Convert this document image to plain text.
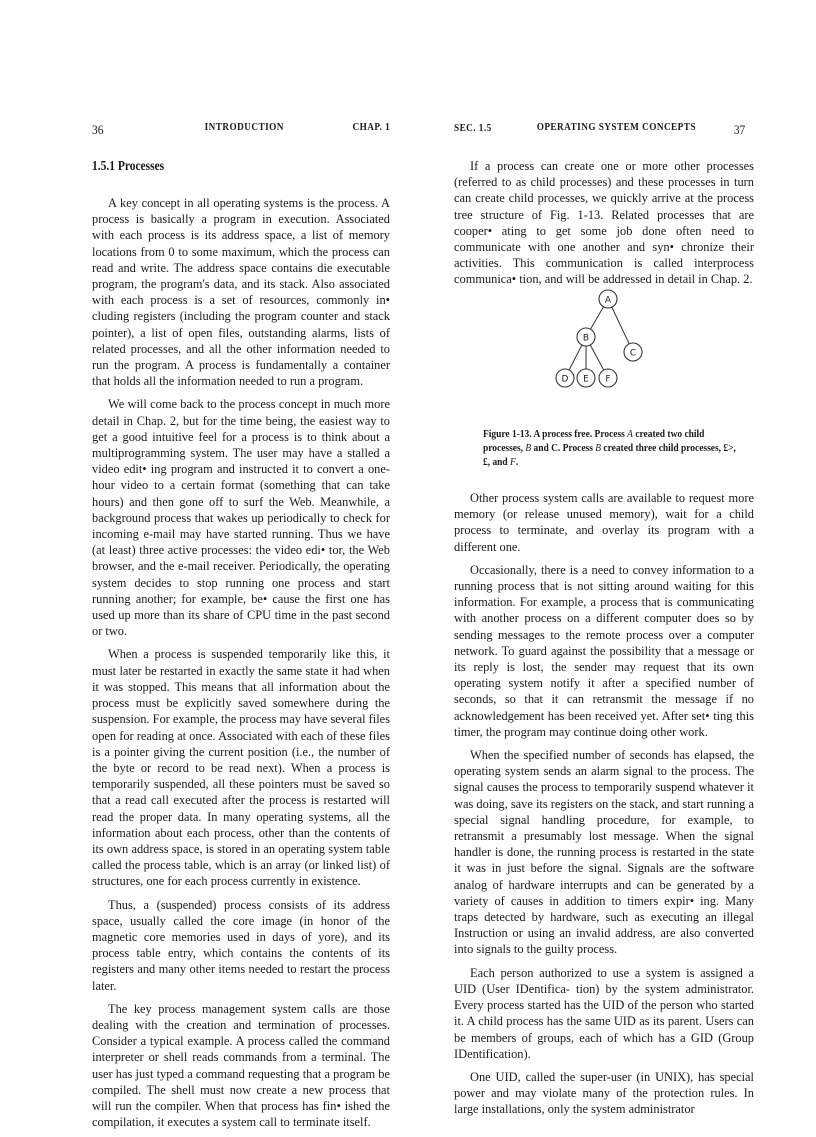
36	INTRODUCTION	CHAP. 1
1.5.1 Processes

A key concept in all operating systems is the process. A process is basically a program in execution. Associated with each process is its address space, a list of memory locations from 0 to some maximum, which the process can read and write. The address space contains die executable program, the program's data, and its stack. Also associated with each process is a set of resources, commonly in• cluding registers (including the program counter and stack pointer), a list of open files, outstanding alarms, lists of related processes, and all the other information needed to run the program. A process is fundamentally a container that holds all the information needed to run a program.

We will come back to the process concept in much more detail in Chap. 2, but for the time being, the easiest way to get a good intuitive feel for a process is to think about a multiprogramming system. The user may have a stalled a video edit• ing program and instructed it to convert a one-hour video to a certain format (something that can take hours) and then gone off to surf the Web. Meanwhile, a background process that wakes up periodically to check for incoming e-mail may have started running. Thus we have (at least) three active processes: the video edi• tor, the Web browser, and the e-mail receiver. Periodically, the operating system decides to stop running one process and start running another; for example, be• cause the first one has used up more than its share of CPU time in the past second or two.

When a process is suspended temporarily like this, it must later be restarted in exactly the same state it had when it was stopped. This means that all information about the process must be explicitly saved somewhere during the suspension. For example, the process may have several files open for reading at once. Associated with each of these files is a pointer giving the current position (i.e., the number of the byte or record to be read next). When a process is temporarily suspended, all these pointers must be saved so that a read call executed after the process is restarted will read the proper data. In many operating systems, all the information about each process, other than the contents of its own address space, is stored in an operating system table called the process table, which is an array (or linked list) of structures, one for each process currently in existence.

Thus, a (suspended) process consists of its address space, usually called the core image (in honor of the magnetic core memories used in days of yore), and its process table entry, which contains the contents of its registers and many other items needed to restart the process later.

The key process management system calls are those dealing with the creation and termination of processes. Consider a typical example. A process called the command interpreter or shell reads commands from a terminal. The user has just typed a command requesting that a program be compiled. The shell must now create a new process that will run the compiler. When that process has fin• ished the compilation, it executes a system call to terminate itself.

SEC. 1.5	OPERATING SYSTEM CONCEPTS	37

If a process can create one or more other processes (referred to as child processes) and these processes in turn can create child processes, we quickly arrive at the process tree structure of Fig. 1-13. Related processes that are cooper• ating to get some job done often need to communicate with one another and syn• chronize their activities. This communication is called interprocess communica• tion, and will be addressed in detail in Chap. 2.

A
B
C
D E F
Figure 1-13. A process free. Process A created two child processes, B and C. Process B created three child processes, £>, £, and F.

Other process system calls are available to request more memory (or release unused memory), wait for a child process to terminate, and overlay its program with a different one.

Occasionally, there is a need to convey information to a running process that is not sitting around waiting for this information. For example, a process that is communicating with another process on a different computer does so by sending messages to the remote process over a computer network. To guard against the possibility that a message or its reply is lost, the sender may request that its own operating system notify it after a specified number of seconds, so that it can retransmit the message if no acknowledgement has been received yet. After set• ting this timer, the program may continue doing other work.

When the specified number of seconds has elapsed, the operating system sends an alarm signal to the process. The signal causes the process to temporarily suspend whatever it was doing, save its registers on the stack, and start running a special signal handling procedure, for example, to retransmit a presumably lost message. When the signal handler is done, the running process is restarted in the state it was in just before the signal. Signals are the software analog of hardware interrupts and can be generated by a variety of causes in addition to timers expir• ing. Many traps detected by hardware, such as executing an illegal Instruction or using an invalid address, are also converted into signals to the guilty process.

Each person authorized to use a system is assigned a UID (User IDentifica- tion) by the system administrator. Every process started has the UID of the person who started it. A child process has the same UID as its parent. Users can be members of groups, each of which has a GID (Group IDentification).

One UID, called the super-user (in UNIX), has special power and may violate many of the protection rules. In large installations, only the system administrator
